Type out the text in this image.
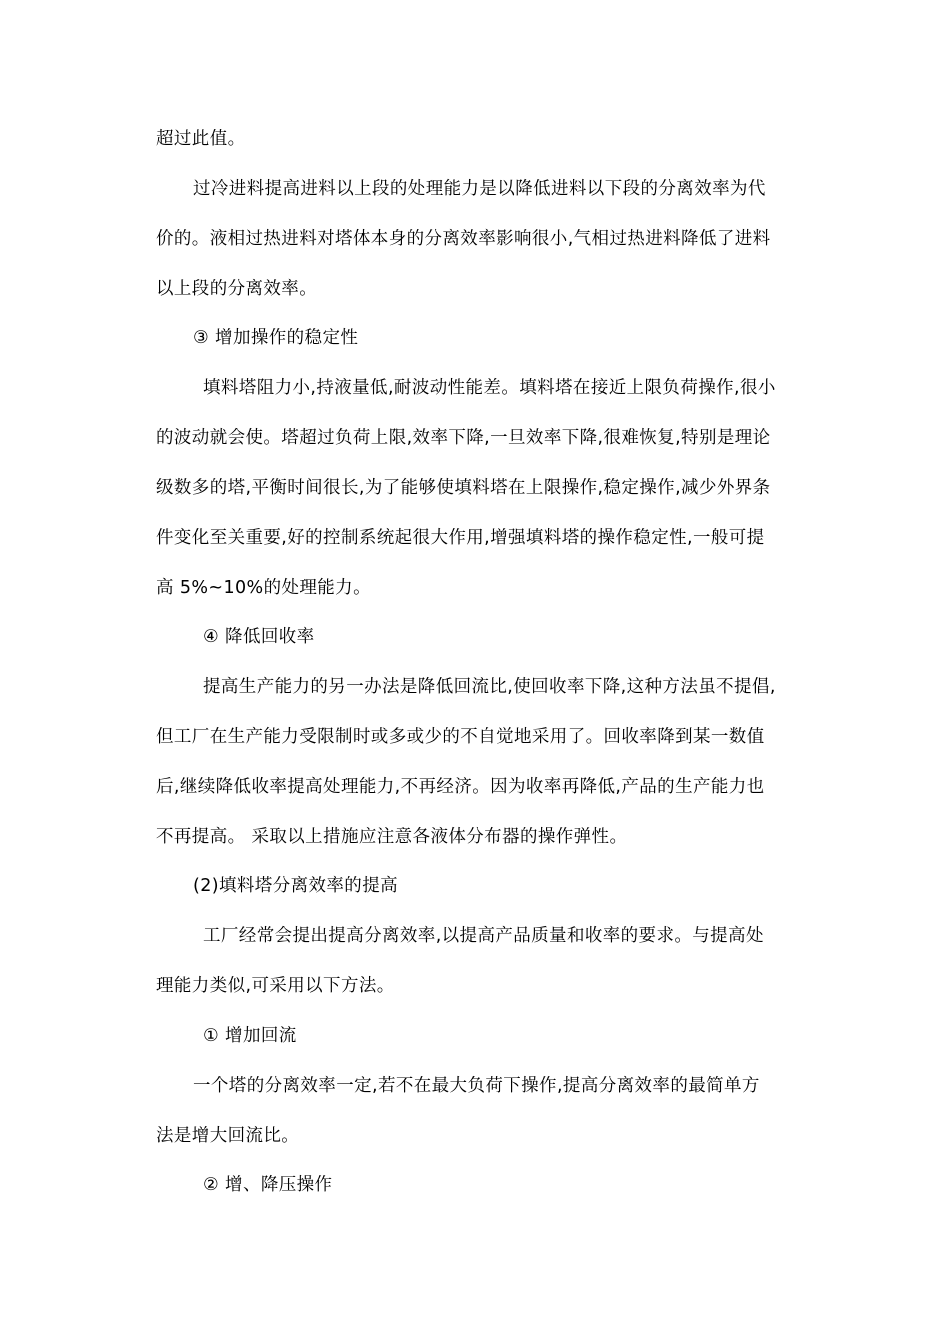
超过此值。
过冷进料提高进料以上段的处理能力是以降低进料以下段的分离效率为代
价的。液相过热进料对塔体本身的分离效率影响很小,气相过热进料降低了进料
以上段的分离效率。
③ 增加操作的稳定性
填料塔阻力小,持液量低,耐波动性能差。填料塔在接近上限负荷操作,很小
的波动就会使。塔超过负荷上限,效率下降,一旦效率下降,很难恢复,特别是理论
级数多的塔,平衡时间很长,为了能够使填料塔在上限操作,稳定操作,减少外界条
件变化至关重要,好的控制系统起很大作用,增强填料塔的操作稳定性,一般可提
高 5%~10%的处理能力。
④ 降低回收率
提高生产能力的另一办法是降低回流比,使回收率下降,这种方法虽不提倡,
但工厂在生产能力受限制时或多或少的不自觉地采用了。回收率降到某一数值
后,继续降低收率提高处理能力,不再经济。因为收率再降低,产品的生产能力也
不再提高。 采取以上措施应注意各液体分布器的操作弹性。
(2)填料塔分离效率的提高
工厂经常会提出提高分离效率,以提高产品质量和收率的要求。与提高处
理能力类似,可采用以下方法。
① 增加回流
一个塔的分离效率一定,若不在最大负荷下操作,提高分离效率的最简单方
法是增大回流比。
② 增、降压操作
